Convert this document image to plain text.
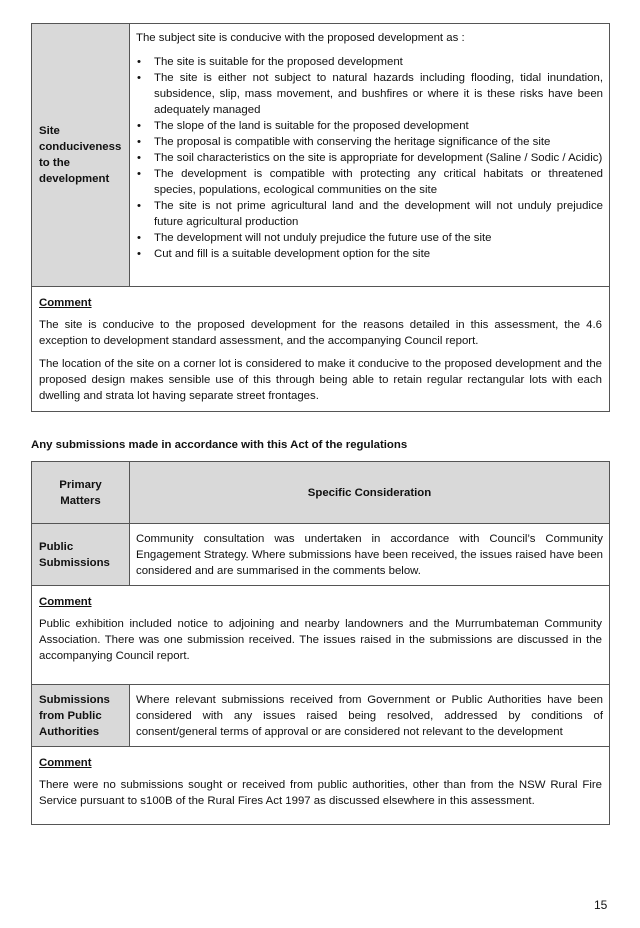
Site conduciveness to the development	

The subject site is conducive with the proposed development as :

• The site is suitable for the proposed development
• The site is either not subject to natural hazards including flooding, tidal inundation, subsidence, slip, mass movement, and bushfires or where it is these risks have been adequately managed
• The slope of the land is suitable for the proposed development
• The proposal is compatible with conserving the heritage significance of the site
• The soil characteristics on the site is appropriate for development (Saline / Sodic / Acidic)
• The development is compatible with protecting any critical habitats or threatened species, populations, ecological communities on the site
• The site is not prime agricultural land and the development will not unduly prejudice future agricultural production
• The development will not unduly prejudice the future use of the site
• Cut and fill is a suitable development option for the site

Comment

The site is conducive to the proposed development for the reasons detailed in this assessment, the 4.6 exception to development standard assessment, and the accompanying Council report.

The location of the site on a corner lot is considered to make it conducive to the proposed development and the proposed design makes sensible use of this through being able to retain regular rectangular lots with each dwelling and strata lot having separate street frontages.

Any submissions made in accordance with this Act of the regulations
Primary Matters	Specific Consideration
Public Submissions	Community consultation was undertaken in accordance with Council’s Community Engagement Strategy. Where submissions have been received, the issues raised have been considered and are summarised in the comments below.

Comment

Public exhibition included notice to adjoining and nearby landowners and the Murrumbateman Community Association. There was one submission received. The issues raised in the submissions are discussed in the accompanying Council report.	

Submissions from Public Authorities	Where relevant submissions received from Government or Public Authorities have been considered with any issues raised being resolved, addressed by conditions of consent/general terms of approval or are considered not relevant to the development

Comment

There were no submissions sought or received from public authorities, other than from the NSW Rural Fire Service pursuant to s100B of the Rural Fires Act 1997 as discussed elsewhere in this assessment.	

15
